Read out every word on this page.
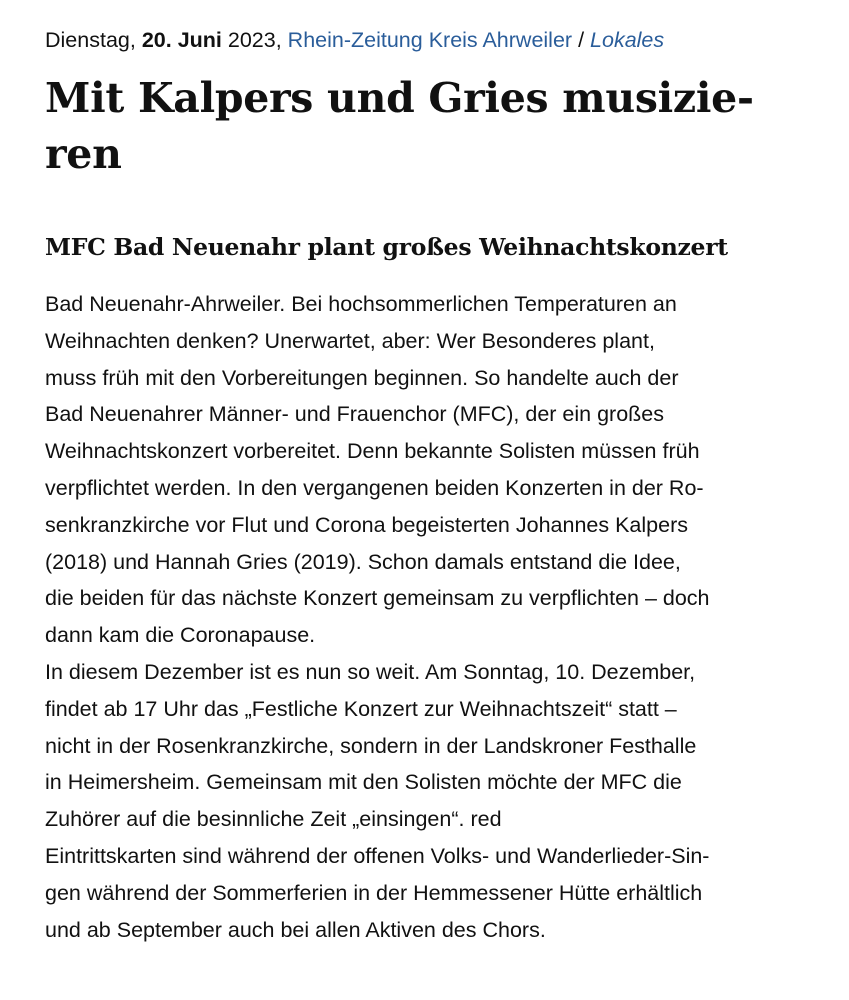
Dienstag, 20. Juni 2023, Rhein-Zeitung Kreis Ahrweiler / Lokales
Mit Kalpers und Gries musizie-
ren
MFC Bad Neuenahr plant großes Weihnachtskonzert
Bad Neuenahr-Ahrweiler. Bei hochsommerlichen Temperaturen an
Weihnachten denken? Unerwartet, aber: Wer Besonderes plant,
muss früh mit den Vorbereitungen beginnen. So handelte auch der
Bad Neuenahrer Männer- und Frauenchor (MFC), der ein großes
Weihnachtskonzert vorbereitet. Denn bekannte Solisten müssen früh
verpflichtet werden. In den vergangenen beiden Konzerten in der Ro-
senkranzkirche vor Flut und Corona begeisterten Johannes Kalpers
(2018) und Hannah Gries (2019). Schon damals entstand die Idee,
die beiden für das nächste Konzert gemeinsam zu verpflichten – doch
dann kam die Coronapause.
In diesem Dezember ist es nun so weit. Am Sonntag, 10. Dezember,
findet ab 17 Uhr das „Festliche Konzert zur Weihnachtszeit“ statt –
nicht in der Rosenkranzkirche, sondern in der Landskroner Festhalle
in Heimersheim. Gemeinsam mit den Solisten möchte der MFC die
Zuhörer auf die besinnliche Zeit „einsingen“. red
Eintrittskarten sind während der offenen Volks- und Wanderlieder-Sin-
gen während der Sommerferien in der Hemmessener Hütte erhältlich
und ab September auch bei allen Aktiven des Chors.
